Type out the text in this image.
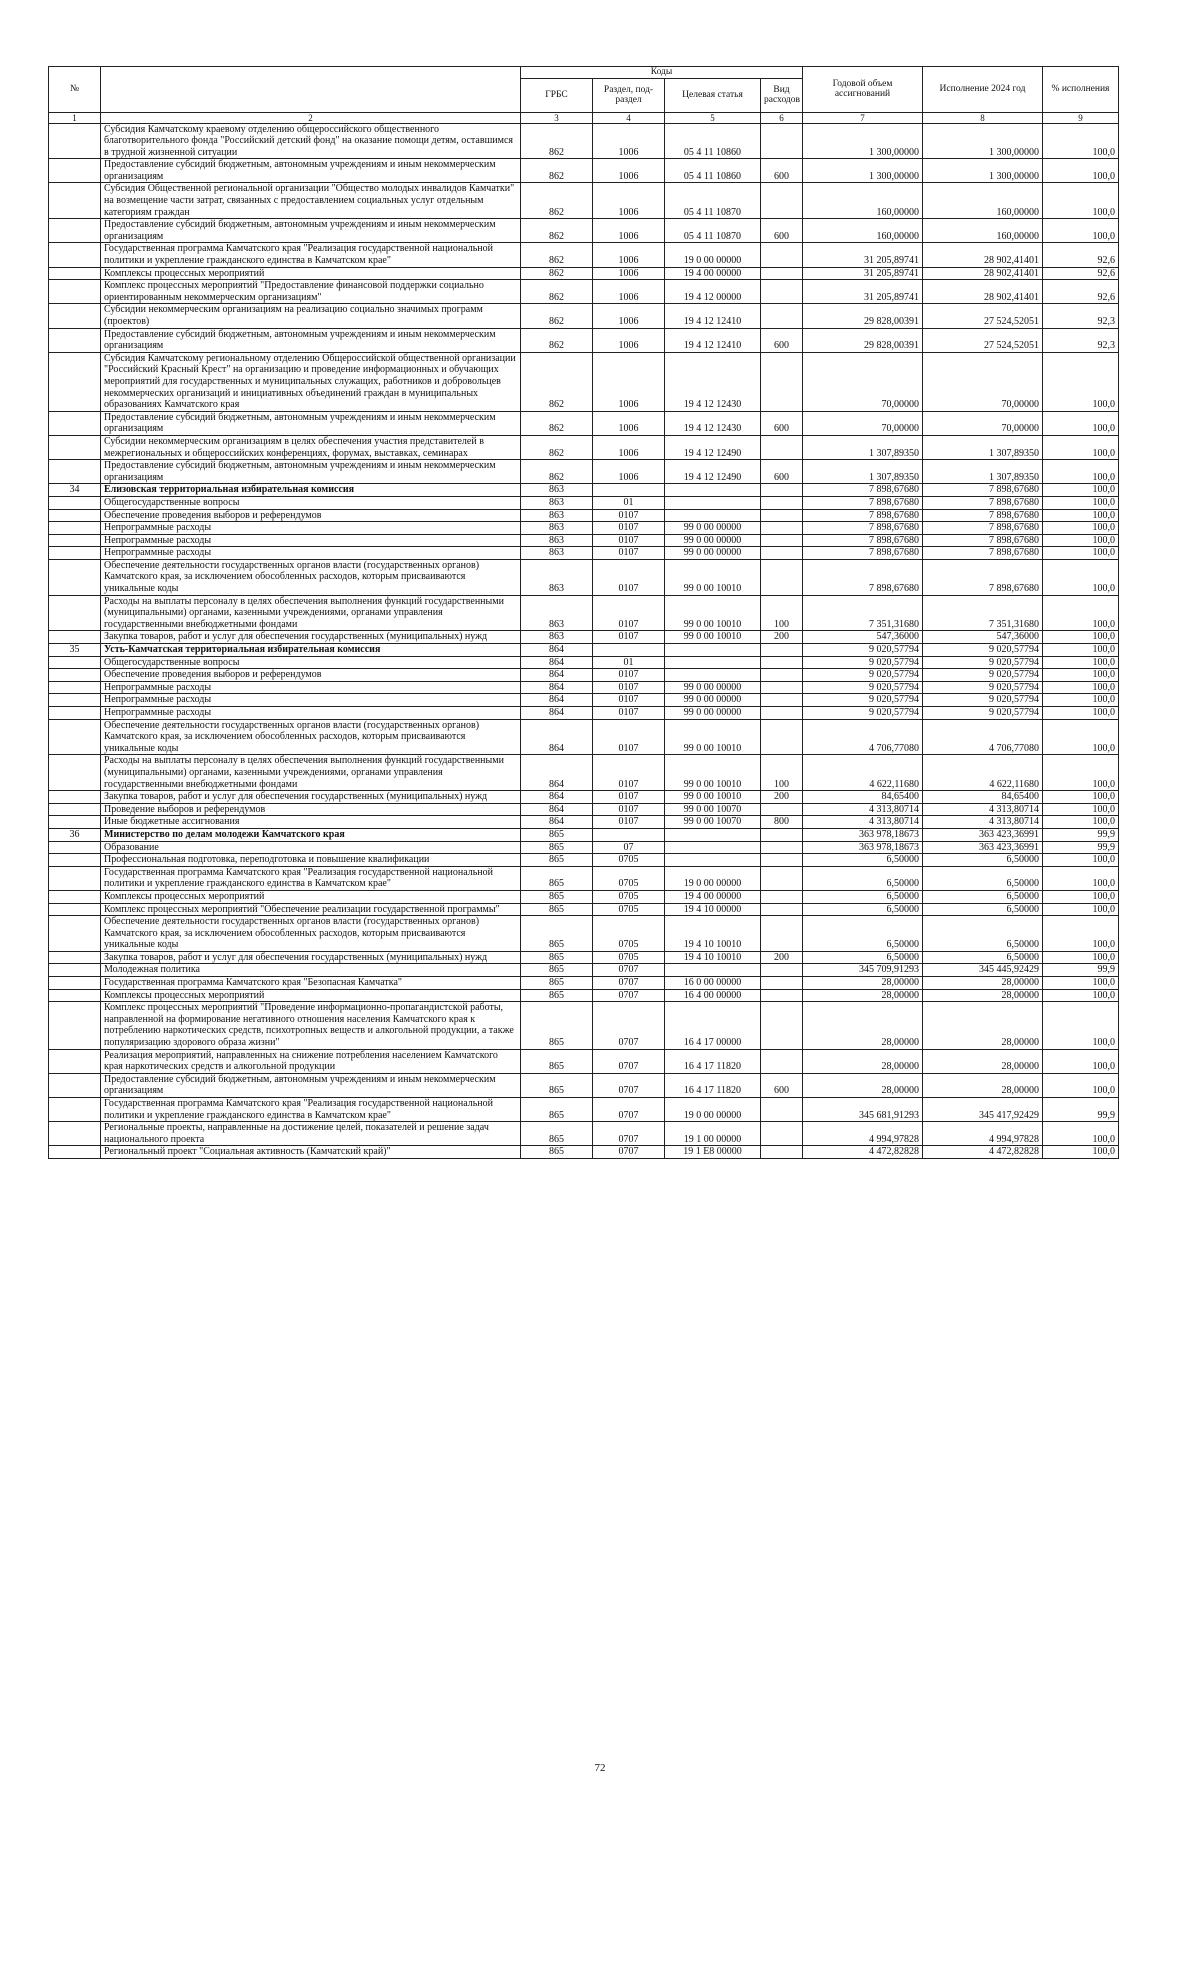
№		Коды				Годовой объем ассигнований	Исполнение 2024 год	% исполнения
		ГРБС	Раздел, под-раздел	Целевая статья	Вид расходов			
1	2	3	4	5	6	7	8	9
	Субсидия Камчатскому краевому отделению общероссийского общественного благотворительного фонда "Российский детский фонд" на оказание помощи детям, оставшимся в трудной жизненной ситуации	862	1006	05 4 11 10860		1 300,00000	1 300,00000	100,0
	Предоставление субсидий бюджетным, автономным учреждениям и иным некоммерческим организациям	862	1006	05 4 11 10860	600	1 300,00000	1 300,00000	100,0
	Субсидия Общественной региональной организации "Общество молодых инвалидов Камчатки" на возмещение части затрат, связанных с предоставлением социальных услуг отдельным категориям граждан	862	1006	05 4 11 10870		160,00000	160,00000	100,0
	Предоставление субсидий бюджетным, автономным учреждениям и иным некоммерческим организациям	862	1006	05 4 11 10870	600	160,00000	160,00000	100,0
	Государственная программа Камчатского края "Реализация государственной национальной политики и укрепление гражданского единства в Камчатском крае"	862	1006	19 0 00 00000		31 205,89741	28 902,41401	92,6
	Комплексы процессных мероприятий	862	1006	19 4 00 00000		31 205,89741	28 902,41401	92,6
	Комплекс процессных мероприятий "Предоставление финансовой поддержки социально ориентированным некоммерческим организациям"	862	1006	19 4 12 00000		31 205,89741	28 902,41401	92,6
	Субсидии некоммерческим организациям на реализацию социально значимых программ (проектов)	862	1006	19 4 12 12410		29 828,00391	27 524,52051	92,3
	Предоставление субсидий бюджетным, автономным учреждениям и иным некоммерческим организациям	862	1006	19 4 12 12410	600	29 828,00391	27 524,52051	92,3
	Субсидия Камчатскому региональному отделению Общероссийской общественной организации "Российский Красный Крест" на организацию и проведение информационных и обучающих мероприятий для государственных и муниципальных служащих, работников и добровольцев некоммерческих организаций и инициативных объединений граждан в муниципальных образованиях Камчатского края	862	1006	19 4 12 12430		70,00000	70,00000	100,0
	Предоставление субсидий бюджетным, автономным учреждениям и иным некоммерческим организациям	862	1006	19 4 12 12430	600	70,00000	70,00000	100,0
	Субсидии некоммерческим организациям в целях обеспечения участия представителей в межрегиональных и общероссийских конференциях, форумах, выставках, семинарах	862	1006	19 4 12 12490		1 307,89350	1 307,89350	100,0
	Предоставление субсидий бюджетным, автономным учреждениям и иным некоммерческим организациям	862	1006	19 4 12 12490	600	1 307,89350	1 307,89350	100,0
34	Елизовская территориальная избирательная комиссия	863				7 898,67680	7 898,67680	100,0
	Общегосударственные вопросы	863	01			7 898,67680	7 898,67680	100,0
	Обеспечение проведения выборов и референдумов	863	0107			7 898,67680	7 898,67680	100,0
	Непрограммные расходы	863	0107	99 0 00 00000		7 898,67680	7 898,67680	100,0
	Непрограммные расходы	863	0107	99 0 00 00000		7 898,67680	7 898,67680	100,0
	Непрограммные расходы	863	0107	99 0 00 00000		7 898,67680	7 898,67680	100,0
	Обеспечение деятельности государственных органов власти (государственных органов) Камчатского края, за исключением обособленных расходов, которым присваиваются уникальные коды	863	0107	99 0 00 10010		7 898,67680	7 898,67680	100,0
	Расходы на выплаты персоналу в целях обеспечения выполнения функций государственными (муниципальными) органами, казенными учреждениями, органами управления государственными внебюджетными фондами	863	0107	99 0 00 10010	100	7 351,31680	7 351,31680	100,0
	Закупка товаров, работ и услуг для обеспечения государственных (муниципальных) нужд	863	0107	99 0 00 10010	200	547,36000	547,36000	100,0
35	Усть-Камчатская территориальная избирательная комиссия	864				9 020,57794	9 020,57794	100,0
	Общегосударственные вопросы	864	01			9 020,57794	9 020,57794	100,0
	Обеспечение проведения выборов и референдумов	864	0107			9 020,57794	9 020,57794	100,0
	Непрограммные расходы	864	0107	99 0 00 00000		9 020,57794	9 020,57794	100,0
	Непрограммные расходы	864	0107	99 0 00 00000		9 020,57794	9 020,57794	100,0
	Непрограммные расходы	864	0107	99 0 00 00000		9 020,57794	9 020,57794	100,0
	Обеспечение деятельности государственных органов власти (государственных органов) Камчатского края, за исключением обособленных расходов, которым присваиваются уникальные коды	864	0107	99 0 00 10010		4 706,77080	4 706,77080	100,0
	Расходы на выплаты персоналу в целях обеспечения выполнения функций государственными (муниципальными) органами, казенными учреждениями, органами управления государственными внебюджетными фондами	864	0107	99 0 00 10010	100	4 622,11680	4 622,11680	100,0
	Закупка товаров, работ и услуг для обеспечения государственных (муниципальных) нужд	864	0107	99 0 00 10010	200	84,65400	84,65400	100,0
	Проведение выборов и референдумов	864	0107	99 0 00 10070		4 313,80714	4 313,80714	100,0
	Иные бюджетные ассигнования	864	0107	99 0 00 10070	800	4 313,80714	4 313,80714	100,0
36	Министерство по делам молодежи Камчатского края	865				363 978,18673	363 423,36991	99,9
	Образование	865	07			363 978,18673	363 423,36991	99,9
	Профессиональная подготовка, переподготовка и повышение квалификации	865	0705			6,50000	6,50000	100,0
	Государственная программа Камчатского края "Реализация государственной национальной политики и укрепление гражданского единства в Камчатском крае"	865	0705	19 0 00 00000		6,50000	6,50000	100,0
	Комплексы процессных мероприятий	865	0705	19 4 00 00000		6,50000	6,50000	100,0
	Комплекс процессных мероприятий "Обеспечение реализации государственной программы"	865	0705	19 4 10 00000		6,50000	6,50000	100,0
	Обеспечение деятельности государственных органов власти (государственных органов) Камчатского края, за исключением обособленных расходов, которым присваиваются уникальные коды	865	0705	19 4 10 10010		6,50000	6,50000	100,0
	Закупка товаров, работ и услуг для обеспечения государственных (муниципальных) нужд	865	0705	19 4 10 10010	200	6,50000	6,50000	100,0
	Молодежная политика	865	0707			345 709,91293	345 445,92429	99,9
	Государственная программа Камчатского края "Безопасная Камчатка"	865	0707	16 0 00 00000		28,00000	28,00000	100,0
	Комплексы процессных мероприятий	865	0707	16 4 00 00000		28,00000	28,00000	100,0
	Комплекс процессных мероприятий "Проведение информационно-пропагандистской работы, направленной на формирование негативного отношения населения Камчатского края к потреблению наркотических средств, психотропных веществ и алкогольной продукции, а также популяризацию здорового образа жизни"	865	0707	16 4 17 00000		28,00000	28,00000	100,0
	Реализация мероприятий, направленных на снижение потребления населением Камчатского края наркотических средств и алкогольной продукции	865	0707	16 4 17 11820		28,00000	28,00000	100,0
	Предоставление субсидий бюджетным, автономным учреждениям и иным некоммерческим организациям	865	0707	16 4 17 11820	600	28,00000	28,00000	100,0
	Государственная программа Камчатского края "Реализация государственной национальной политики и укрепление гражданского единства в Камчатском крае"	865	0707	19 0 00 00000		345 681,91293	345 417,92429	99,9
	Региональные проекты, направленные на достижение целей, показателей и решение задач национального проекта	865	0707	19 1 00 00000		4 994,97828	4 994,97828	100,0
	Региональный проект "Социальная активность (Камчатский край)"	865	0707	19 1 E8 00000		4 472,82828	4 472,82828	100,0
72
